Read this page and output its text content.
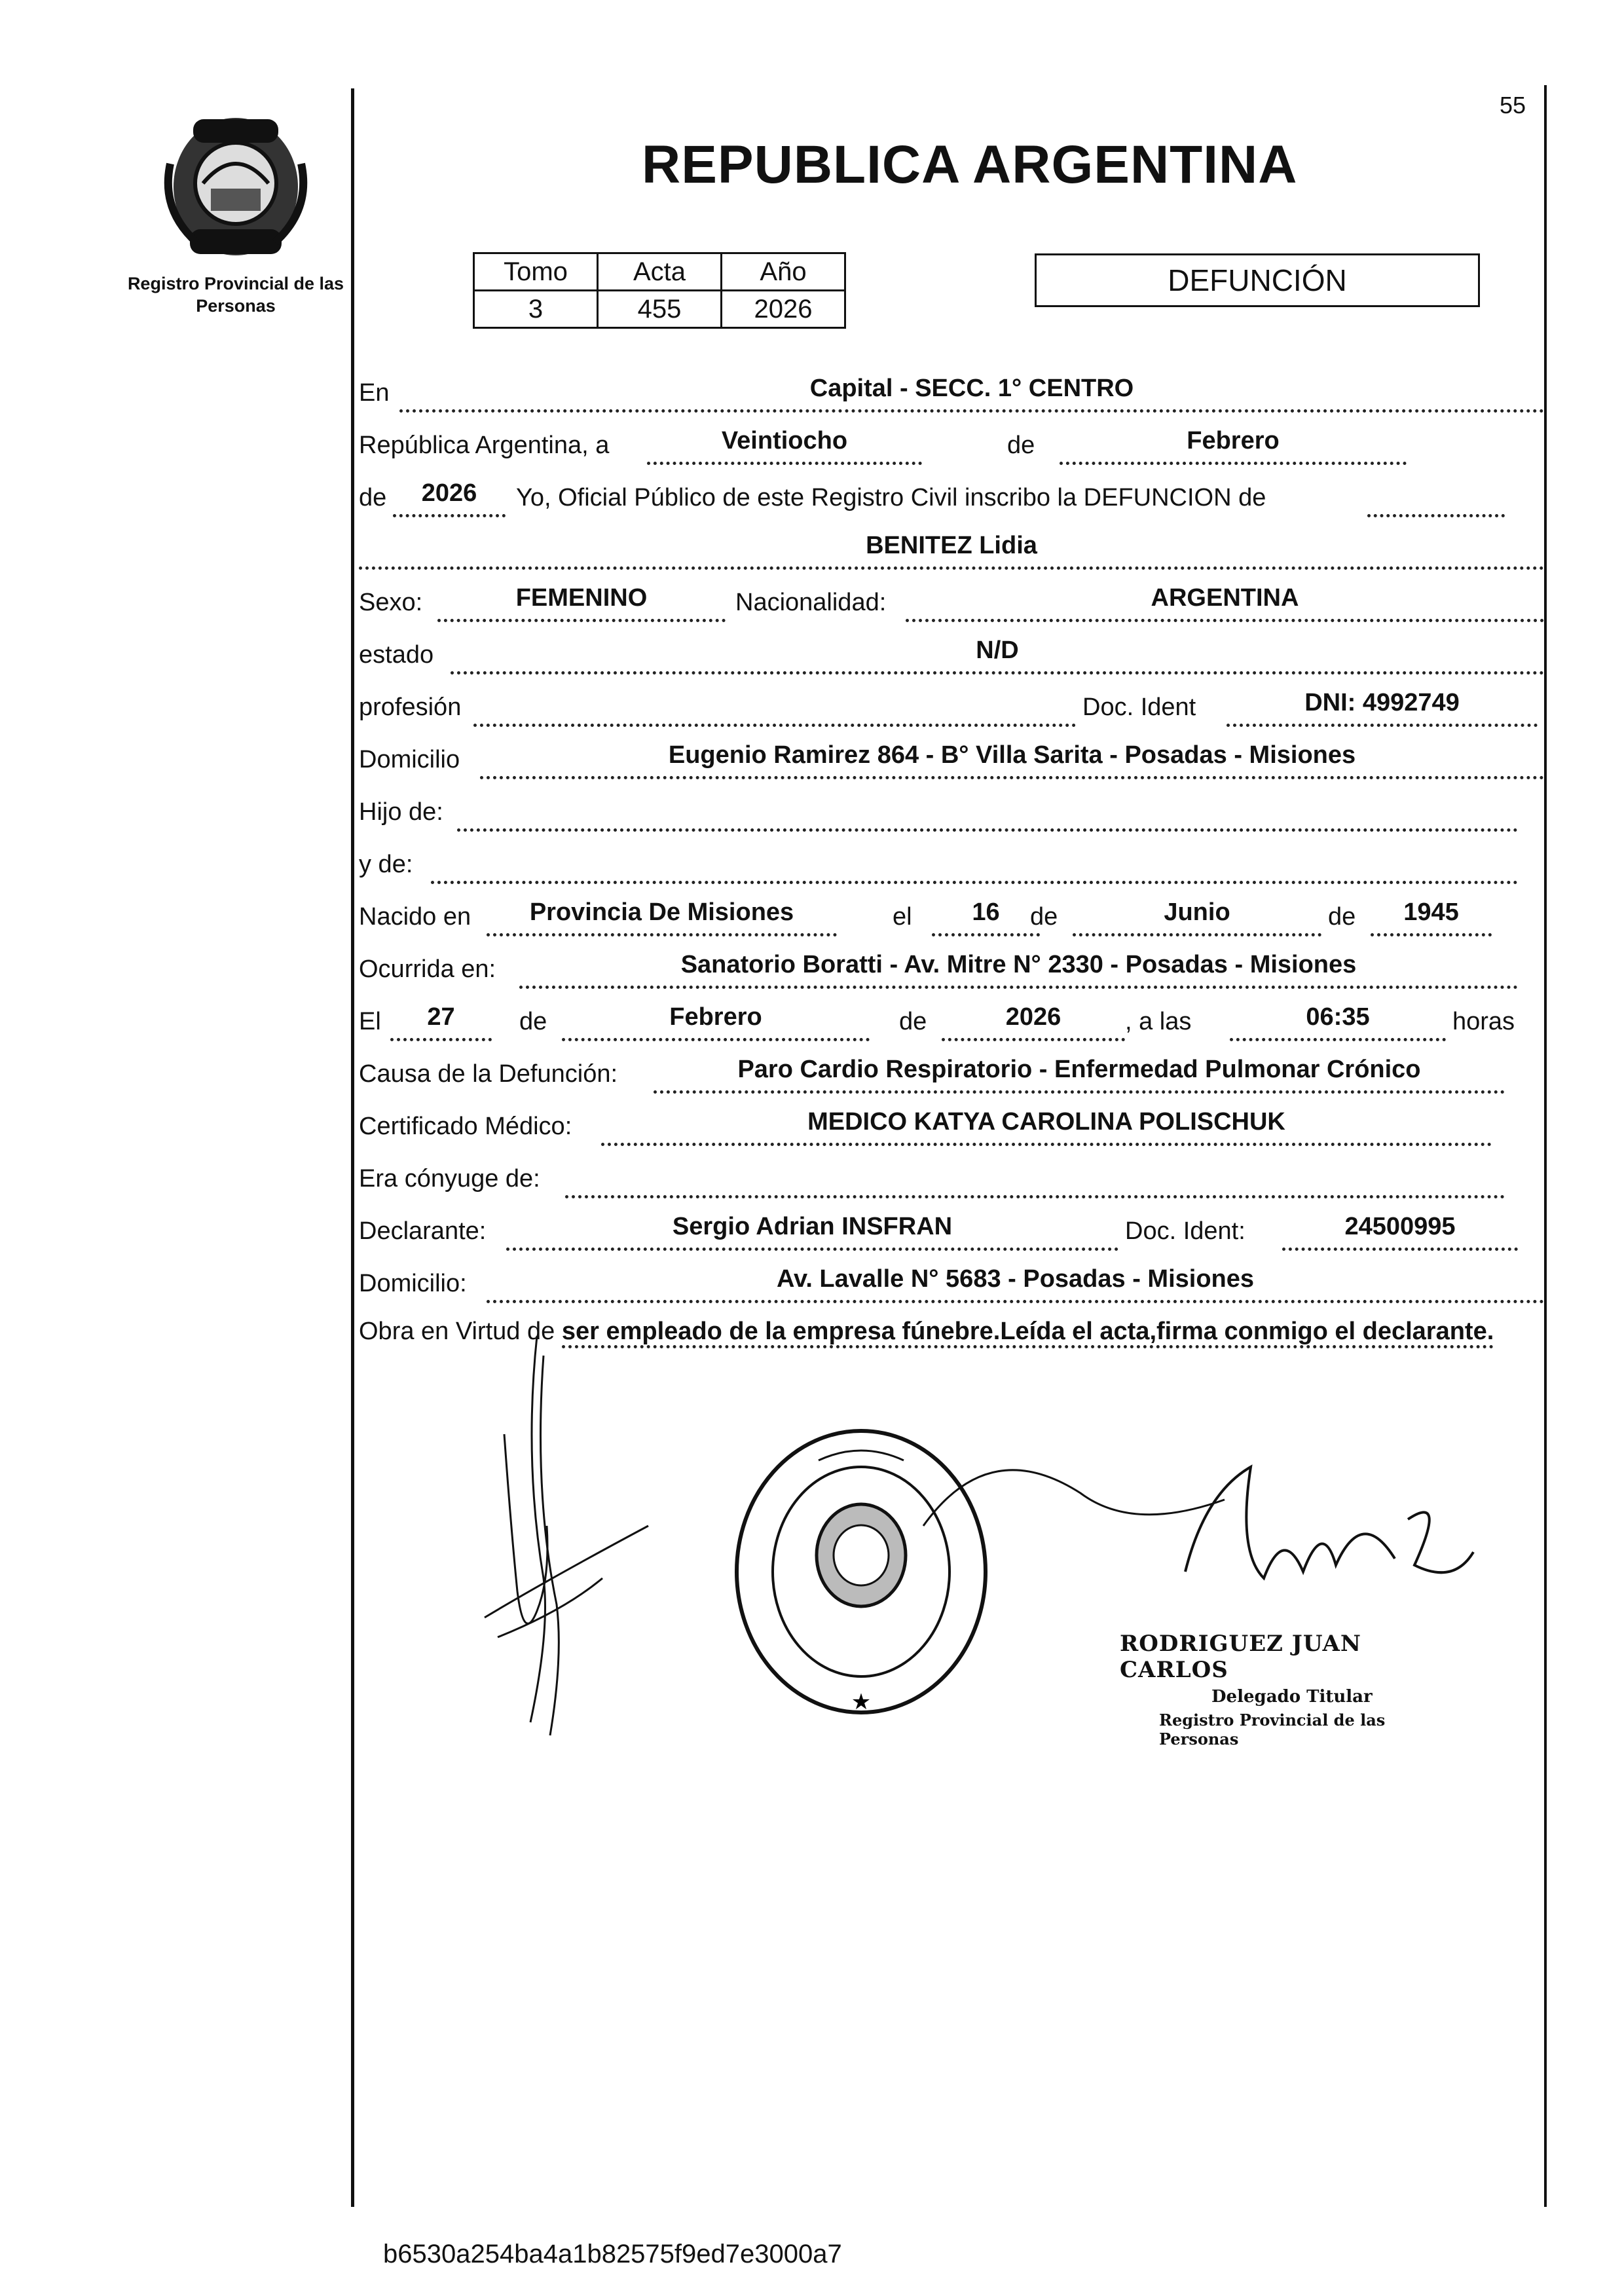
55
Registro Provincial de las Personas
REPUBLICA ARGENTINA
Tomo	Acta	Año
3	455	2026
DEFUNCIÓN
En	Capital - SECC. 1° CENTRO
República Argentina, a	Veintiocho	de	Febrero
de	2026	Yo, Oficial Público de este Registro Civil inscribo la DEFUNCION de
BENITEZ Lidia
Sexo:	FEMENINO	Nacionalidad:	ARGENTINA
estado	N/D
profesión	Doc. Ident	DNI: 4992749
Domicilio	Eugenio Ramirez 864 - B° Villa Sarita - Posadas - Misiones
Hijo de:
y de:
Nacido en	Provincia De Misiones	el	16	de	Junio	de	1945
Ocurrida en:	Sanatorio Boratti - Av. Mitre N° 2330 - Posadas - Misiones
El	27	de	Febrero	de	2026	, a las	06:35	horas
Causa de la Defunción:	Paro Cardio Respiratorio - Enfermedad Pulmonar Crónico
Certificado Médico:	MEDICO KATYA CAROLINA POLISCHUK
Era cónyuge de:
Declarante:	Sergio Adrian INSFRAN	Doc. Ident:	24500995
Domicilio:	Av. Lavalle N° 5683 - Posadas - Misiones
Obra en Virtud de ser empleado de la empresa fúnebre.Leída el acta,firma conmigo el declarante.
★
RODRIGUEZ JUAN CARLOS
Delegado Titular
Registro Provincial de las Personas
b6530a254ba4a1b82575f9ed7e3000a7
